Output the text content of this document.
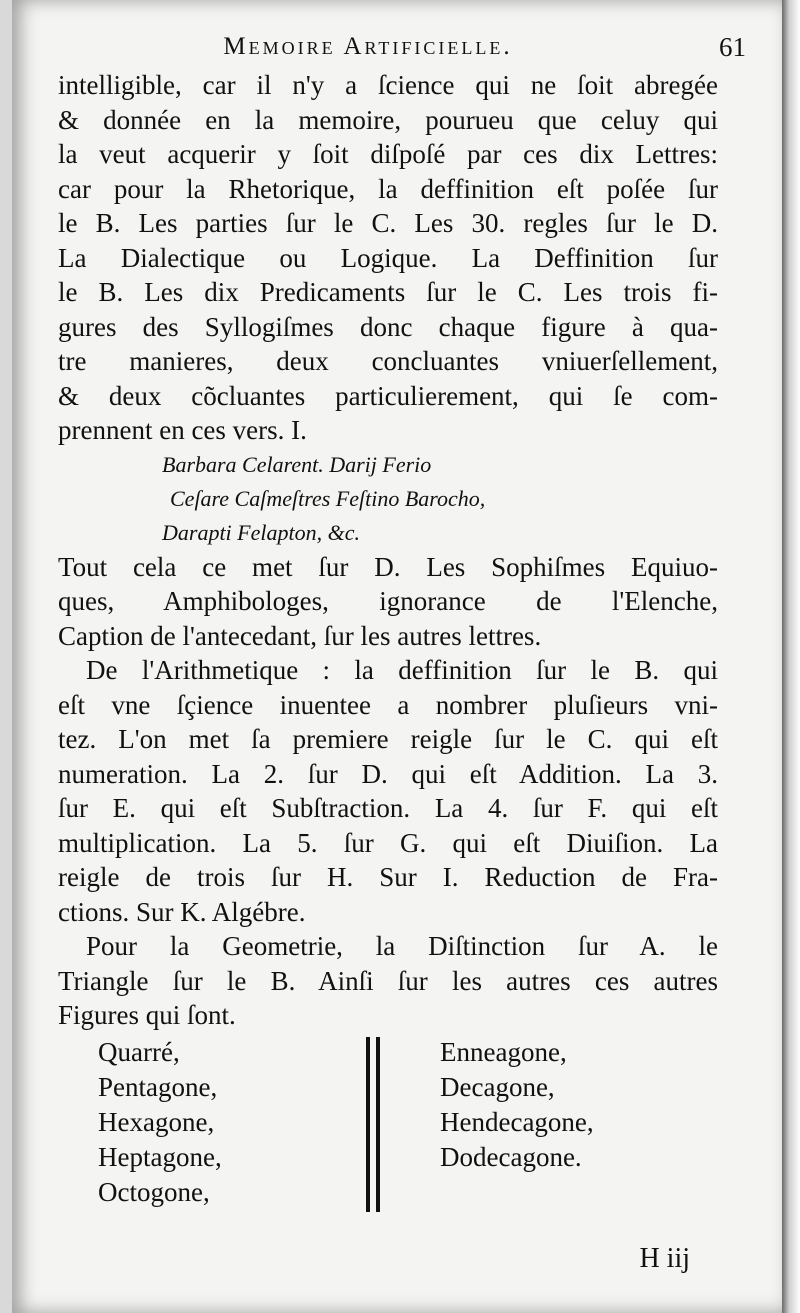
Memoire Artificielle.	61
intelligible, car il n'y a ſcience qui ne ſoit abregée
& donnée en la memoire, pourueu que celuy qui
la veut acquerir y ſoit diſpoſé par ces dix Lettres:
car pour la Rhetorique, la deffinition eſt poſée ſur
le B. Les parties ſur le C. Les 30. regles ſur le D.
La Dialectique ou Logique. La Deffinition ſur
le B. Les dix Predicaments ſur le C. Les trois fi-
gures des Syllogiſmes donc chaque figure à qua-
tre manieres, deux concluantes vniuerſellement,
& deux cõcluantes particulierement, qui ſe com-
prennent en ces vers. I.
Barbara Celarent. Darij Ferio
Ceſare Caſmeſtres Feſtino Barocho,
Darapti Felapton, &c.
Tout cela ce met ſur D. Les Sophiſmes Equiuo-
ques, Amphibologes, ignorance de l'Elenche,
Caption de l'antecedant, ſur les autres lettres.
De l'Arithmetique : la deffinition ſur le B. qui
eſt vne ſçience inuentee a nombrer pluſieurs vni-
tez. L'on met ſa premiere reigle ſur le C. qui eſt
numeration. La 2. ſur D. qui eſt Addition. La 3.
ſur E. qui eſt Subſtraction. La 4. ſur F. qui eſt
multiplication. La 5. ſur G. qui eſt Diuiſion. La
reigle de trois ſur H. Sur I. Reduction de Fra-
ctions. Sur K. Algébre.
Pour la Geometrie, la Diſtinction ſur A. le
Triangle ſur le B. Ainſi ſur les autres ces autres
Figures qui ſont.
Quarré,
Pentagone,
Hexagone,
Heptagone,
Octogone,
Enneagone,
Decagone,
Hendecagone,
Dodecagone.
H iij
